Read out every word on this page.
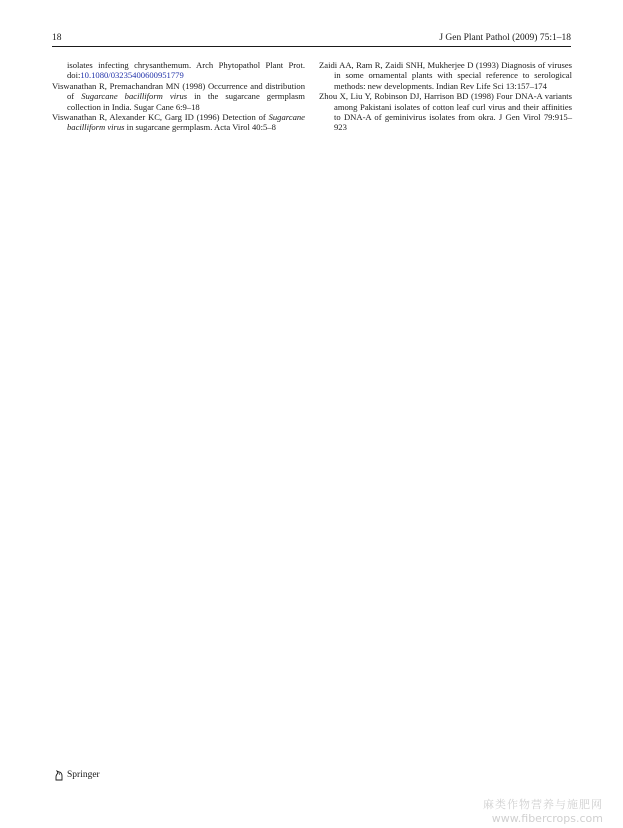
18	J Gen Plant Pathol (2009) 75:1–18

isolates infecting chrysanthemum. Arch Phytopathol Plant Prot. doi:10.1080/03235400600951779

Viswanathan R, Premachandran MN (1998) Occurrence and distribution of Sugarcane bacilliform virus in the sugarcane germplasm collection in India. Sugar Cane 6:9–18

Viswanathan R, Alexander KC, Garg ID (1996) Detection of Sugarcane bacilliform virus in sugarcane germplasm. Acta Virol 40:5–8

Zaidi AA, Ram R, Zaidi SNH, Mukherjee D (1993) Diagnosis of viruses in some ornamental plants with special reference to serological methods: new developments. Indian Rev Life Sci 13:157–174

Zhou X, Liu Y, Robinson DJ, Harrison BD (1998) Four DNA-A variants among Pakistani isolates of cotton leaf curl virus and their affinities to DNA-A of geminivirus isolates from okra. J Gen Virol 79:915–923

Springer
麻类作物营养与施肥网
www.fibercrops.com
